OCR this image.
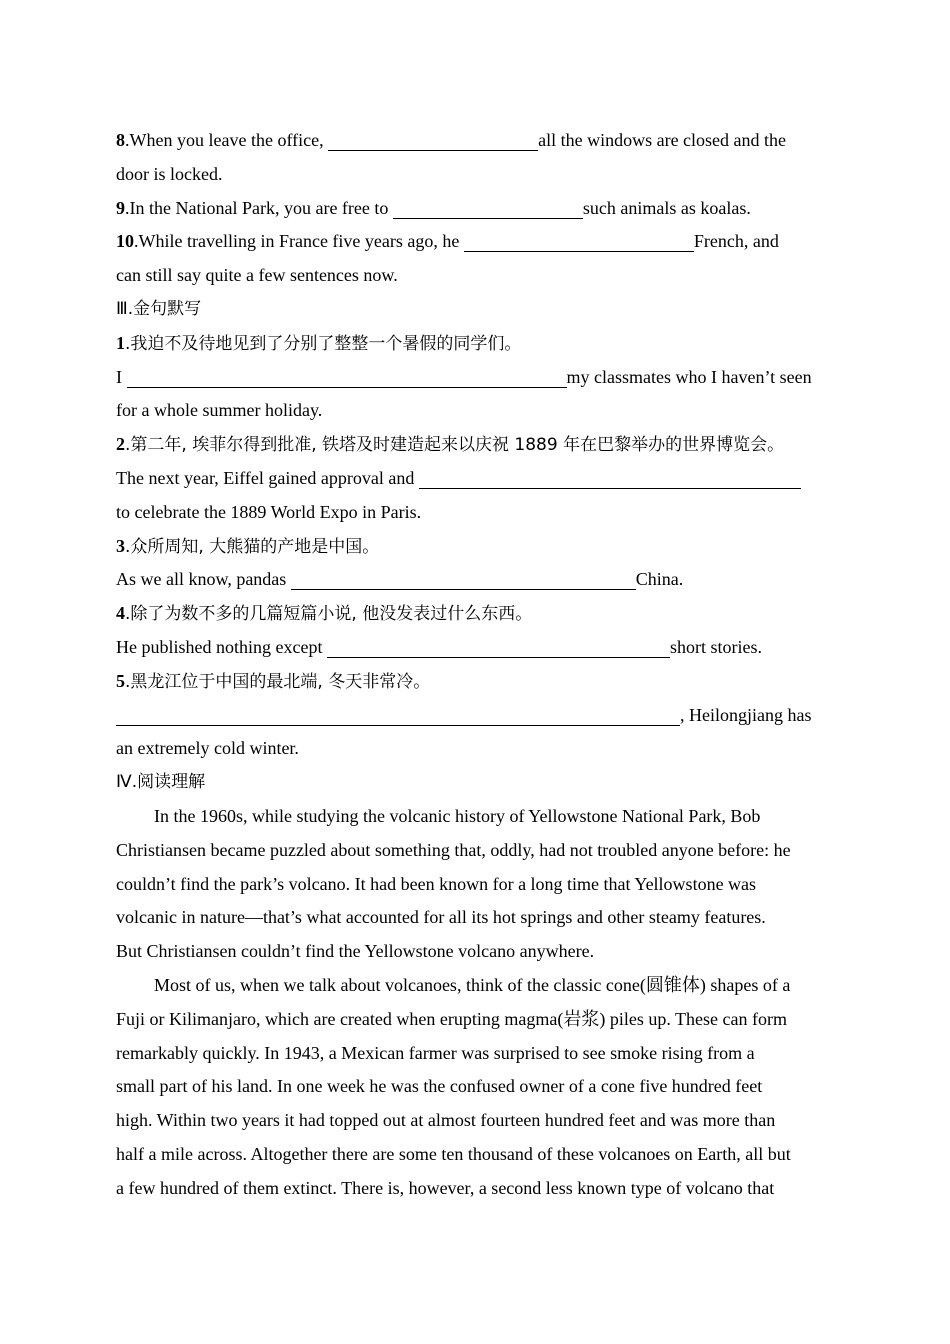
8.When you leave the office,	all the windows are closed and the
door is locked.
9.In the National Park, you are free to	such animals as koalas.
10.While travelling in France five years ago, he	French, and
can still say quite a few sentences now.
Ⅲ.金句默写
1.我迫不及待地见到了分别了整整一个暑假的同学们。
I	my classmates who I haven’t seen
for a whole summer holiday.
2.第二年, 埃菲尔得到批准, 铁塔及时建造起来以庆祝 1889 年在巴黎举办的世界博览会。
The next year, Eiffel gained approval and
to celebrate the 1889 World Expo in Paris.
3.众所周知, 大熊猫的产地是中国。
As we all know, pandas	China.
4.除了为数不多的几篇短篇小说, 他没发表过什么东西。
He published nothing except	short stories.
5.黑龙江位于中国的最北端, 冬天非常冷。
, Heilongjiang has
an extremely cold winter.
Ⅳ.阅读理解
In the 1960s, while studying the volcanic history of Yellowstone National Park, Bob
Christiansen became puzzled about something that, oddly, had not troubled anyone before: he
couldn’t find the park’s volcano. It had been known for a long time that Yellowstone was
volcanic in nature—that’s what accounted for all its hot springs and other steamy features.
But Christiansen couldn’t find the Yellowstone volcano anywhere.
Most of us, when we talk about volcanoes, think of the classic cone(圆锥体) shapes of a
Fuji or Kilimanjaro, which are created when erupting magma(岩浆) piles up. These can form
remarkably quickly. In 1943, a Mexican farmer was surprised to see smoke rising from a
small part of his land. In one week he was the confused owner of a cone five hundred feet
high. Within two years it had topped out at almost fourteen hundred feet and was more than
half a mile across. Altogether there are some ten thousand of these volcanoes on Earth, all but
a few hundred of them extinct. There is, however, a second less known type of volcano that
